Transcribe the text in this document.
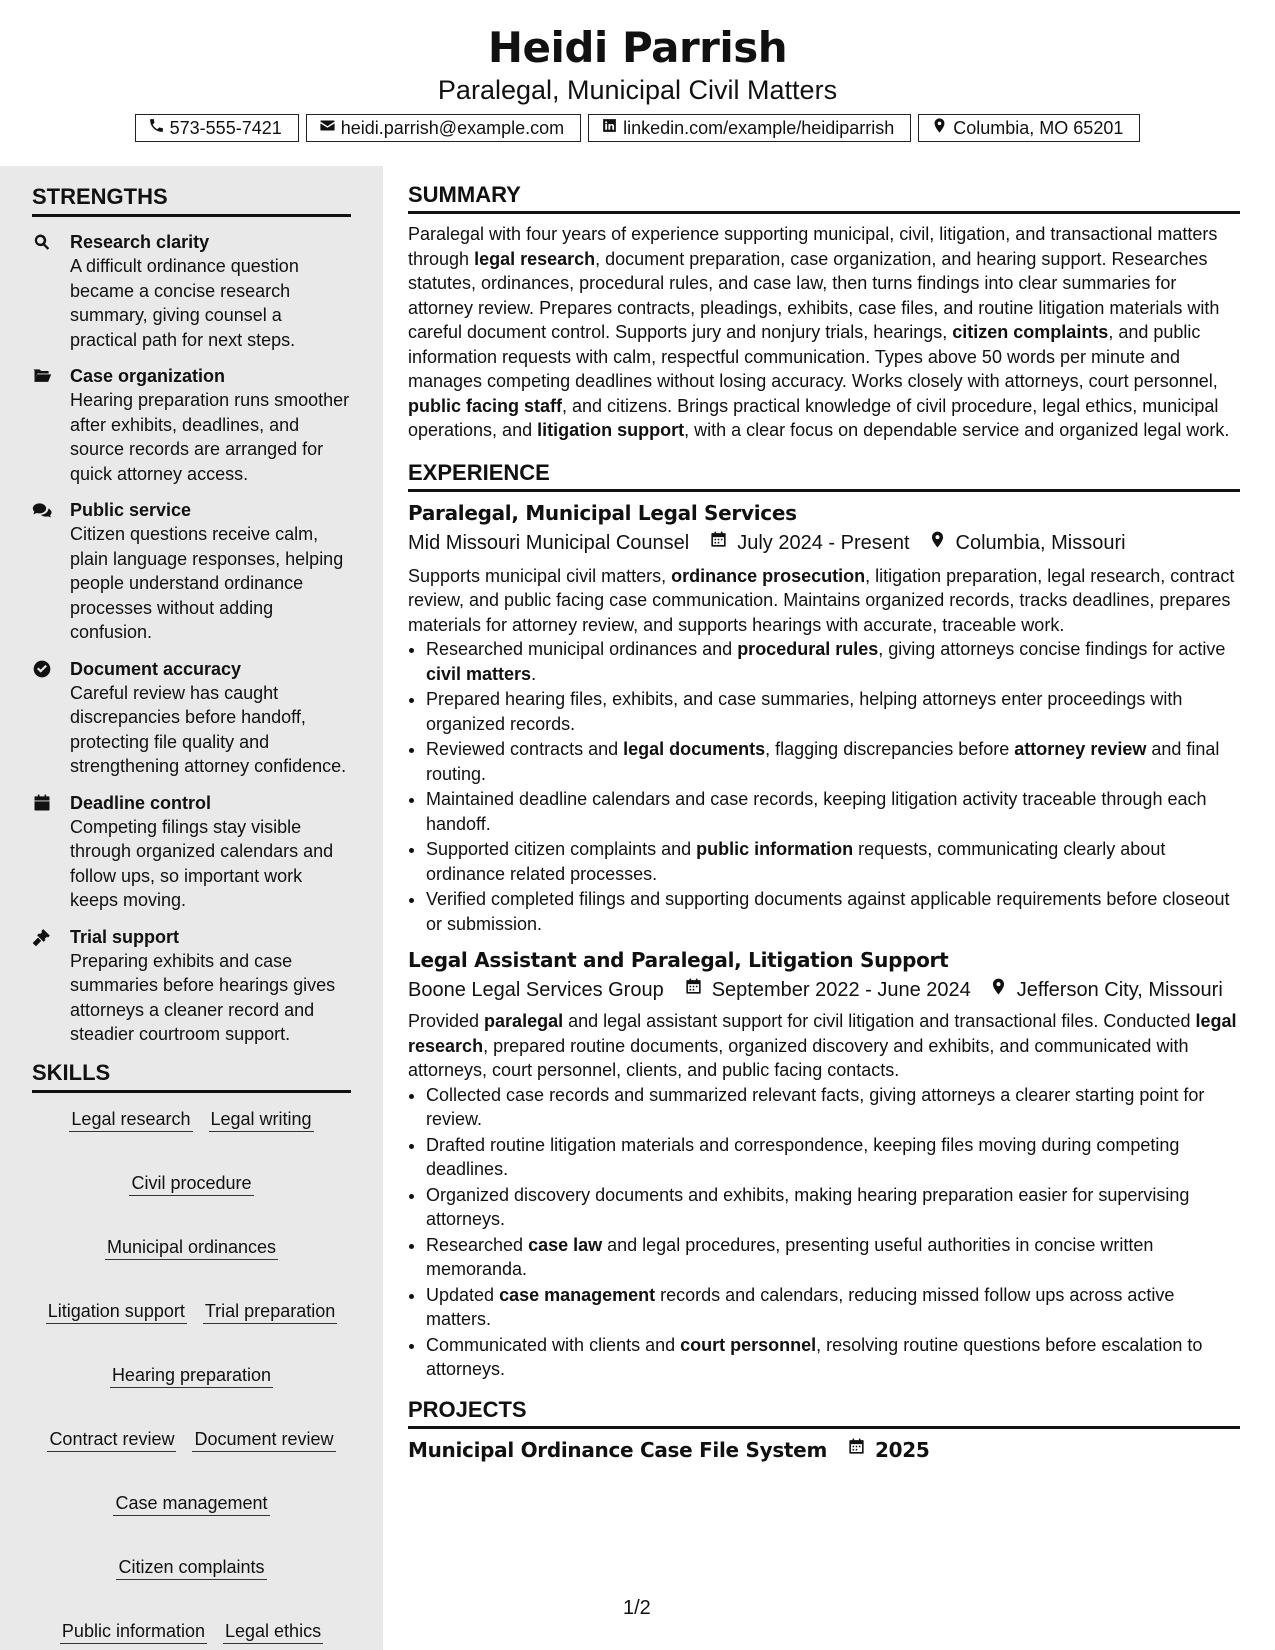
Heidi Parrish
Paralegal, Municipal Civil Matters
573-555-7421	heidi.parrish@example.com	linkedin.com/example/heidiparrish	Columbia, MO 65201
STRENGTHS

Research clarity

A difficult ordinance question became a concise research summary, giving counsel a practical path for next steps.

Case organization

Hearing preparation runs smoother after exhibits, deadlines, and source records are arranged for quick attorney access.

Public service

Citizen questions receive calm, plain language responses, helping people understand ordinance processes without adding confusion.

Document accuracy

Careful review has caught discrepancies before handoff, protecting file quality and strengthening attorney confidence.

Deadline control

Competing filings stay visible through organized calendars and follow ups, so important work keeps moving.

Trial support

Preparing exhibits and case summaries before hearings gives attorneys a cleaner record and steadier courtroom support.

SKILLS
Legal research Legal writing
Civil procedure
Municipal ordinances
Litigation support Trial preparation
Hearing preparation
Contract review Document review
Case management
Citizen complaints
Public information Legal ethics
SUMMARY

Paralegal with four years of experience supporting municipal, civil, litigation, and transactional matters through legal research, document preparation, case organization, and hearing support. Researches statutes, ordinances, procedural rules, and case law, then turns findings into clear summaries for attorney review. Prepares contracts, pleadings, exhibits, case files, and routine litigation materials with careful document control. Supports jury and nonjury trials, hearings, citizen complaints, and public information requests with calm, respectful communication. Types above 50 words per minute and manages competing deadlines without losing accuracy. Works closely with attorneys, court personnel, public facing staff, and citizens. Brings practical knowledge of civil procedure, legal ethics, municipal operations, and litigation support, with a clear focus on dependable service and organized legal work.

EXPERIENCE
Paralegal, Municipal Legal Services
Mid Missouri Municipal Counsel July 2024 - Present Columbia, Missouri

Supports municipal civil matters, ordinance prosecution, litigation preparation, legal research, contract review, and public facing case communication. Maintains organized records, tracks deadlines, prepares materials for attorney review, and supports hearings with accurate, traceable work.

• Researched municipal ordinances and procedural rules, giving attorneys concise findings for active civil matters.
• Prepared hearing files, exhibits, and case summaries, helping attorneys enter proceedings with organized records.
• Reviewed contracts and legal documents, flagging discrepancies before attorney review and final routing.
• Maintained deadline calendars and case records, keeping litigation activity traceable through each handoff.
• Supported citizen complaints and public information requests, communicating clearly about ordinance related processes.
• Verified completed filings and supporting documents against applicable requirements before closeout or submission.
Legal Assistant and Paralegal, Litigation Support
Boone Legal Services Group September 2022 - June 2024 Jefferson City, Missouri

Provided paralegal and legal assistant support for civil litigation and transactional files. Conducted legal research, prepared routine documents, organized discovery and exhibits, and communicated with attorneys, court personnel, clients, and public facing contacts.

• Collected case records and summarized relevant facts, giving attorneys a clearer starting point for review.
• Drafted routine litigation materials and correspondence, keeping files moving during competing deadlines.
• Organized discovery documents and exhibits, making hearing preparation easier for supervising attorneys.
• Researched case law and legal procedures, presenting useful authorities in concise written memoranda.
• Updated case management records and calendars, reducing missed follow ups across active matters.
• Communicated with clients and court personnel, resolving routine questions before escalation to attorneys.
PROJECTS
Municipal Ordinance Case File System 2025
1/2
